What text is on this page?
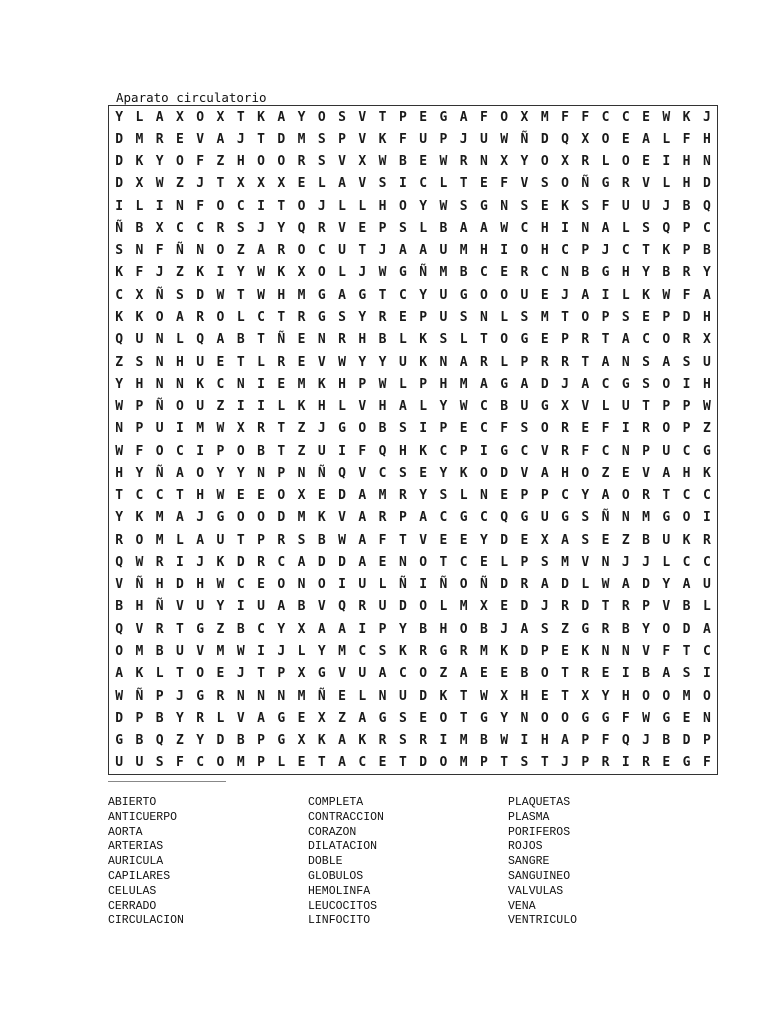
Aparato circulatorio
Y L A X O X T K A Y O S V T P E G A F O X M F F C C E W K J
D M R E V A J T D M S P V K F U P J U W Ñ D Q X O E A L F H
D K Y O F Z H O O R S V X W B E W R N X Y O X R L O E I H N
D X W Z J T X X X E L A V S I C L T E F V S O Ñ G R V L H D
I L I N F O C I T O J L L H O Y W S G N S E K S F U U J B Q
Ñ B X C C R S J Y Q R V E P S L B A A W C H I N A L S Q P C
S N F Ñ N O Z A R O C U T J A A U M H I O H C P J C T K P B
K F J Z K I Y W K X O L J W G Ñ M B C E R C N B G H Y B R Y
C X Ñ S D W T W H M G A G T C Y U G O O U E J A I L K W F A
K K O A R O L C T R G S Y R E P U S N L S M T O P S E P D H
Q U N L Q A B T Ñ E N R H B L K S L T O G E P R T A C O R X
Z S N H U E T L R E V W Y Y U K N A R L P R R T A N S A S U
Y H N N K C N I E M K H P W L P H M A G A D J A C G S O I H
W P Ñ O U Z I I L K H L V H A L Y W C B U G X V L U T P P W
N P U I M W X R T Z J G O B S I P E C F S O R E F I R O P Z
W F O C I P O B T Z U I F Q H K C P I G C V R F C N P U C G
H Y Ñ A O Y Y N P N Ñ Q V C S E Y K O D V A H O Z E V A H K
T C C T H W E E O X E D A M R Y S L N E P P C Y A O R T C C
Y K M A J G O O D M K V A R P A C G C Q G U G S Ñ N M G O I
R O M L A U T P R S B W A F T V E E Y D E X A S E Z B U K R
Q W R I J K D R C A D D A E N O T C E L P S M V N J J L C C
V Ñ H D H W C E O N O I U L Ñ I Ñ O Ñ D R A D L W A D Y A U
B H Ñ V U Y I U A B V Q R U D O L M X E D J R D T R P V B L
Q V R T G Z B C Y X A A I P Y B H O B J A S Z G R B Y O D A
O M B U V M W I J L Y M C S K R G R M K D P E K N N V F T C
A K L T O E J T P X G V U A C O Z A E E B O T R E I B A S I
W Ñ P J G R N N N M Ñ E L N U D K T W X H E T X Y H O O M O
D P B Y R L V A G E X Z A G S E O T G Y N O O G G F W G E N
G B Q Z Y D B P G X K A K R S R I M B W I H A P F Q J B D P
U U S F C O M P L E T A C E T D O M P T S T J P R I R E G F
ABIERTO
ANTICUERPO
AORTA
ARTERIAS
AURICULA
CAPILARES
CELULAS
CERRADO
CIRCULACION
COMPLETA
CONTRACCION
CORAZON
DILATACION
DOBLE
GLOBULOS
HEMOLINFA
LEUCOCITOS
LINFOCITO
PLAQUETAS
PLASMA
PORIFEROS
ROJOS
SANGRE
SANGUINEO
VALVULAS
VENA
VENTRICULO
